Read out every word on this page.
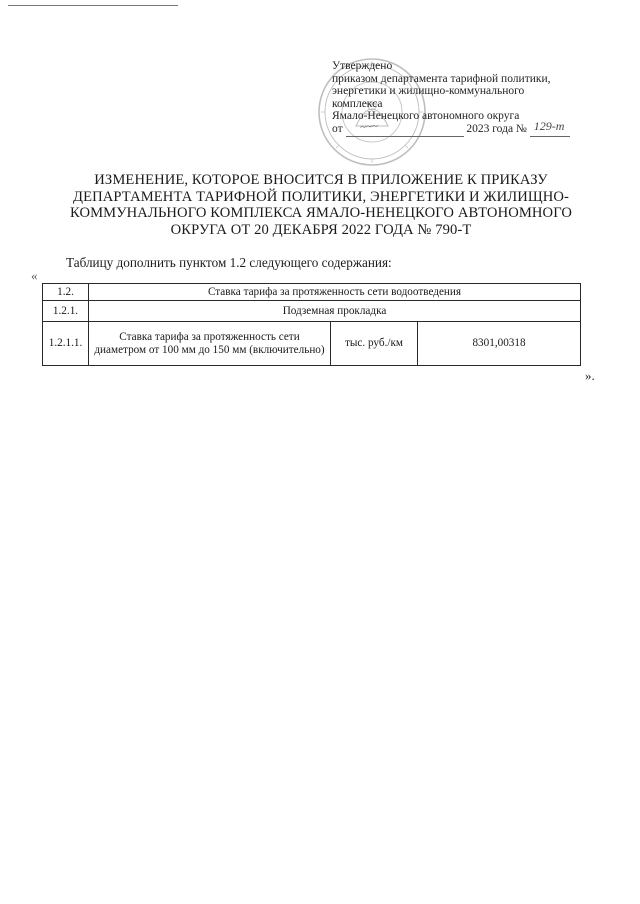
Утверждено
приказом департамента тарифной политики,
энергетики и жилищно-коммунального
комплекса
Ямало-Ненецкого автономного округа
от ~~~	2023 года № 129-т

ИЗМЕНЕНИЕ, КОТОРОЕ ВНОСИТСЯ В ПРИЛОЖЕНИЕ К ПРИКАЗУ
ДЕПАРТАМЕНТА ТАРИФНОЙ ПОЛИТИКИ, ЭНЕРГЕТИКИ И ЖИЛИЩНО-
КОММУНАЛЬНОГО КОМПЛЕКСА ЯМАЛО-НЕНЕЦКОГО АВТОНОМНОГО
ОКРУГА ОТ 20 ДЕКАБРЯ 2022 ГОДА № 790-Т
Таблицу дополнить пунктом 1.2 следующего содержания:
«
1.2.	Ставка тарифа за протяженность сети водоотведения		
1.2.1.	Подземная прокладка		
1.2.1.1.	Ставка тарифа за протяженность сети диаметром от 100 мм до 150 мм (включительно)	тыс. руб./км	8301,00318
».
